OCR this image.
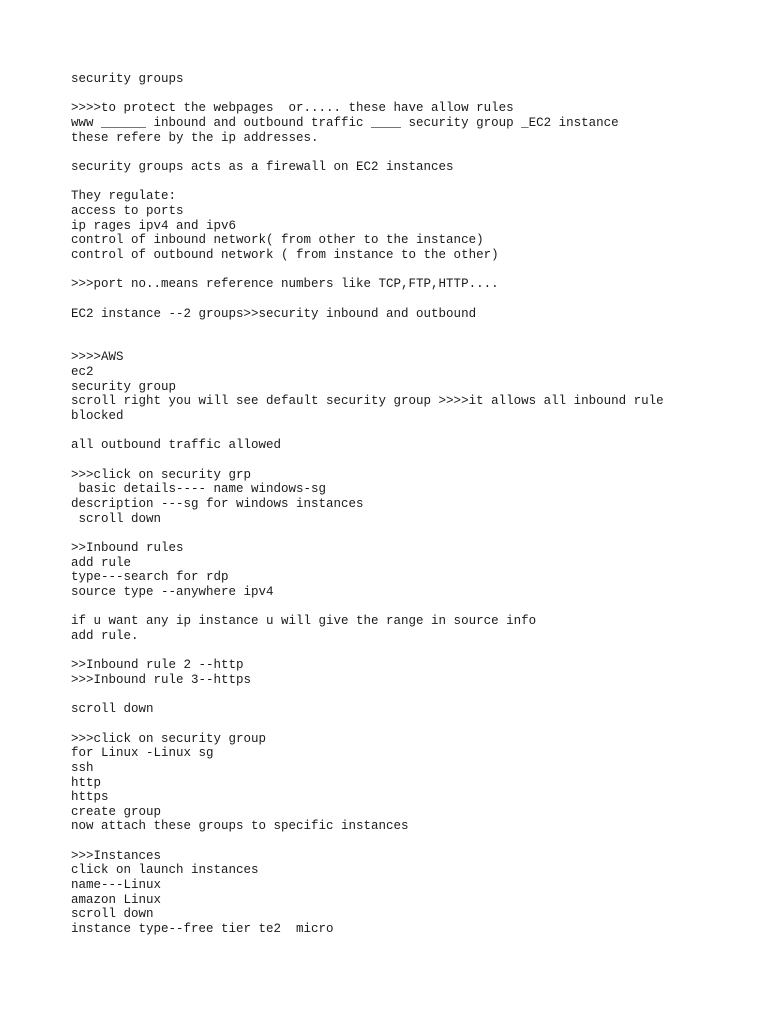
security groups
>>>>to protect the webpages  or..... these have allow rules
www ______ inbound and outbound traffic ____ security group _EC2 instance
these refere by the ip addresses.
security groups acts as a firewall on EC2 instances
They regulate:
access to ports
ip rages ipv4 and ipv6
control of inbound network( from other to the instance)
control of outbound network ( from instance to the other)
>>>port no..means reference numbers like TCP,FTP,HTTP....
EC2 instance --2 groups>>security inbound and outbound
>>>>AWS
ec2
security group
scroll right you will see default security group >>>>it allows all inbound rule
blocked
all outbound traffic allowed
>>>click on security grp
basic details---- name windows-sg
description ---sg for windows instances
scroll down
>>Inbound rules
add rule
type---search for rdp
source type --anywhere ipv4
if u want any ip instance u will give the range in source info
add rule.
>>Inbound rule 2 --http
>>>Inbound rule 3--https
scroll down
>>>click on security group
for Linux -Linux sg
ssh
http
https
create group
now attach these groups to specific instances
>>>Instances
click on launch instances
name---Linux
amazon Linux
scroll down
instance type--free tier te2  micro
